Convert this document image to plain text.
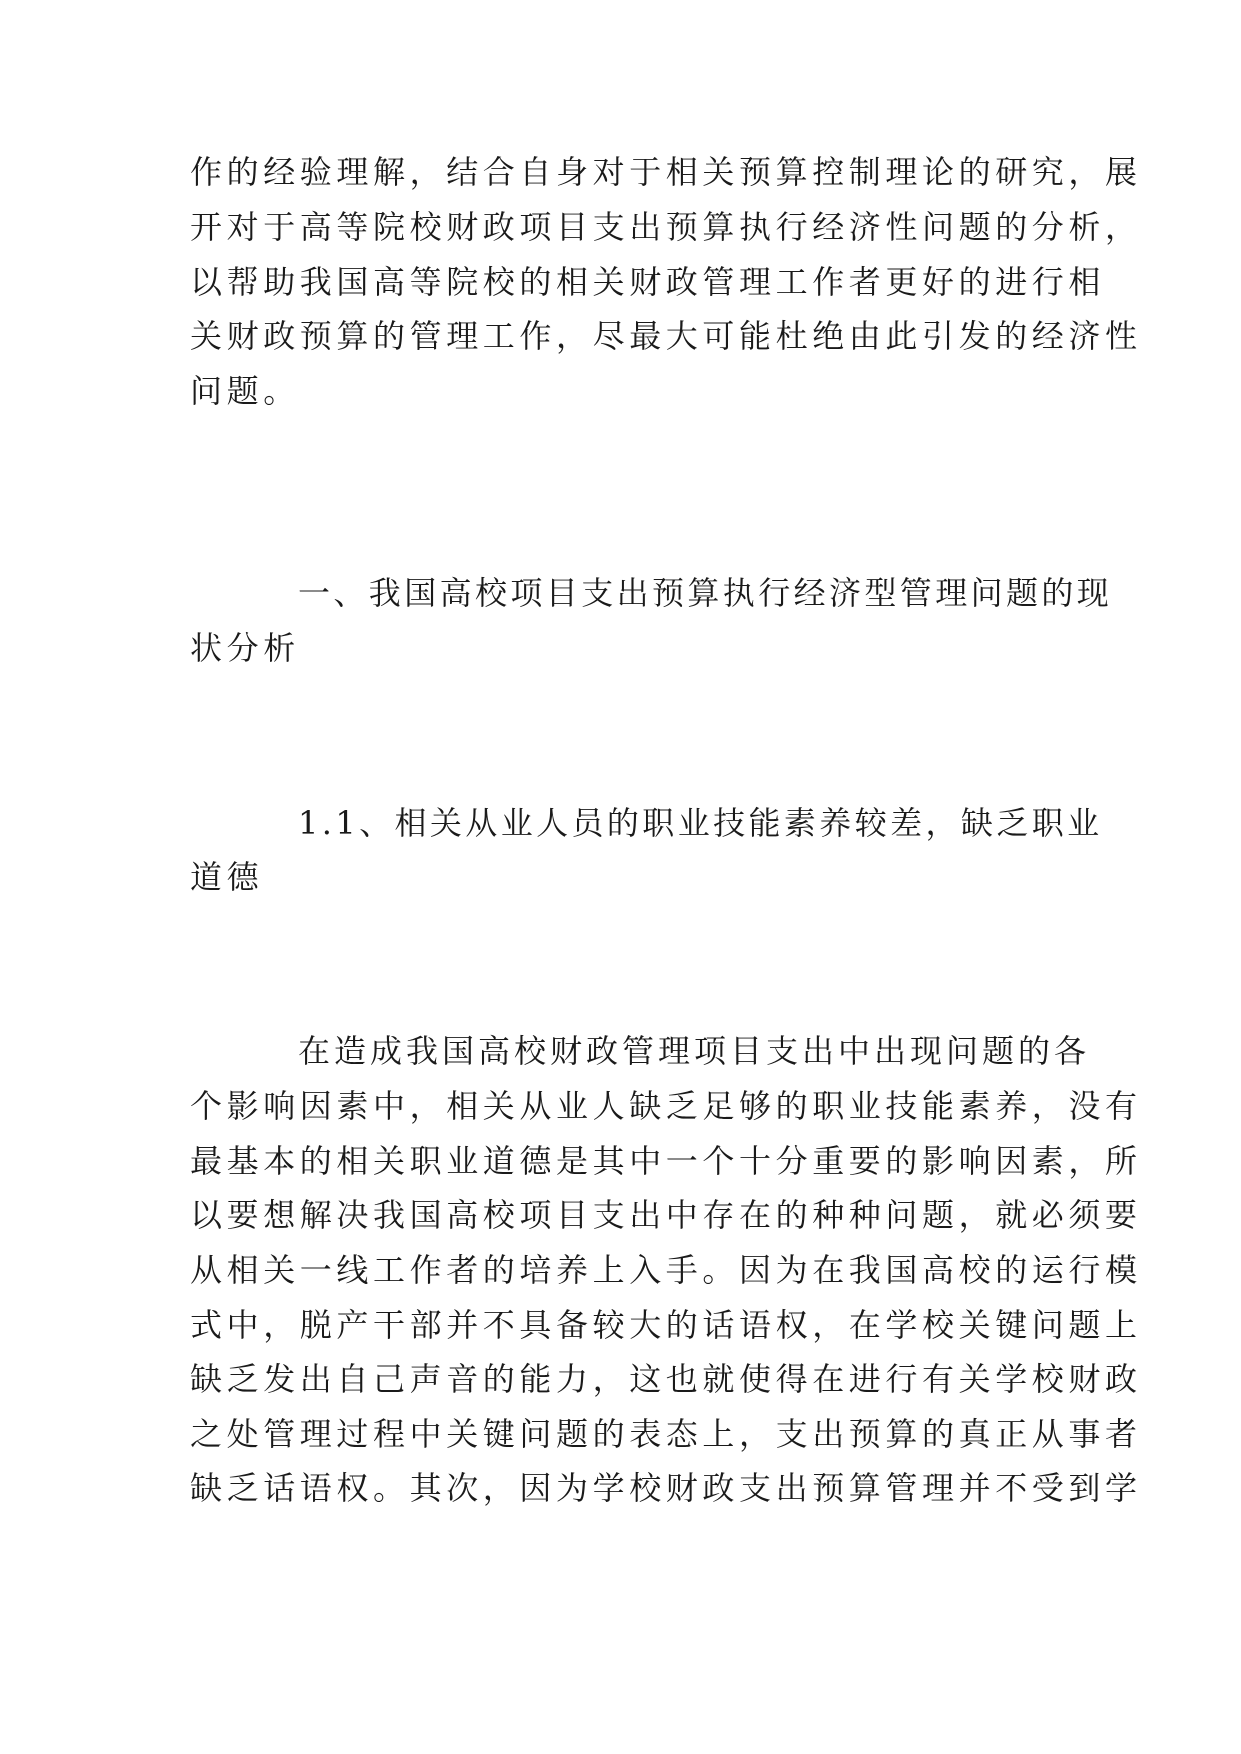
作的经验理解，结合自身对于相关预算控制理论的研究，展
开对于高等院校财政项目支出预算执行经济性问题的分析，
以帮助我国高等院校的相关财政管理工作者更好的进行相
关财政预算的管理工作，尽最大可能杜绝由此引发的经济性
问题。
一、我国高校项目支出预算执行经济型管理问题的现
状分析
1.1、相关从业人员的职业技能素养较差，缺乏职业
道德
在造成我国高校财政管理项目支出中出现问题的各
个影响因素中，相关从业人缺乏足够的职业技能素养，没有
最基本的相关职业道德是其中一个十分重要的影响因素，所
以要想解决我国高校项目支出中存在的种种问题，就必须要
从相关一线工作者的培养上入手。因为在我国高校的运行模
式中，脱产干部并不具备较大的话语权，在学校关键问题上
缺乏发出自己声音的能力，这也就使得在进行有关学校财政
之处管理过程中关键问题的表态上，支出预算的真正从事者
缺乏话语权。其次，因为学校财政支出预算管理并不受到学
